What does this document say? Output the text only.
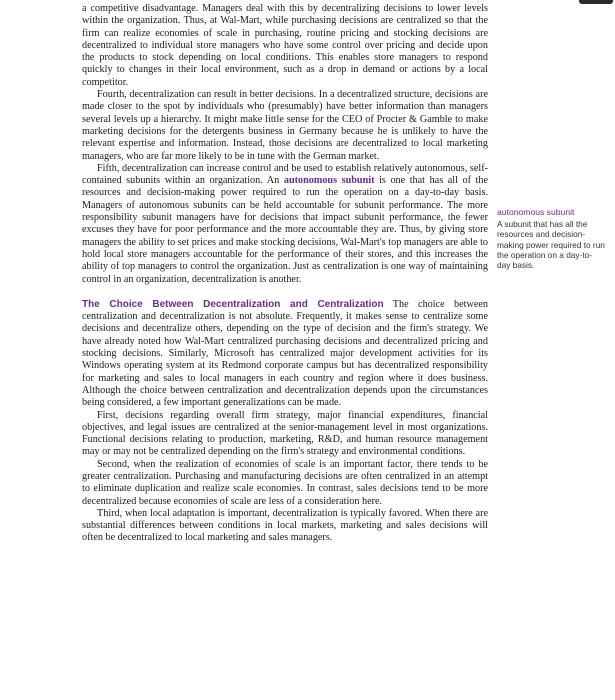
a competitive disadvantage. Managers deal with this by decentralizing decisions to lower levels within the organization. Thus, at Wal-Mart, while purchasing decisions are centralized so that the firm can realize economies of scale in purchasing, routine pricing and stocking decisions are decentralized to individual store managers who have some control over pricing and decide upon the products to stock depending on local conditions. This enables store managers to respond quickly to changes in their local environment, such as a drop in demand or actions by a local competitor.

Fourth, decentralization can result in better decisions. In a decentralized structure, decisions are made closer to the spot by individuals who (presumably) have better information than managers several levels up a hierarchy. It might make little sense for the CEO of Procter & Gamble to make marketing decisions for the detergents business in Germany because he is unlikely to have the relevant expertise and information. Instead, those decisions are decentralized to local marketing managers, who are far more likely to be in tune with the German market.

Fifth, decentralization can increase control and be used to establish relatively autonomous, self-contained subunits within an organization. An autonomous subunit is one that has all of the resources and decision-making power required to run the operation on a day-to-day basis. Managers of autonomous subunits can be held accountable for subunit performance. The more responsibility subunit managers have for decisions that impact subunit performance, the fewer excuses they have for poor performance and the more accountable they are. Thus, by giving store managers the ability to set prices and make stocking decisions, Wal-Mart's top managers are able to hold local store managers accountable for the performance of their stores, and this increases the ability of top managers to control the organization. Just as centralization is one way of maintaining control in an organization, decentralization is another.

The Choice Between Decentralization and Centralization The choice between centralization and decentralization is not absolute. Frequently, it makes sense to centralize some decisions and decentralize others, depending on the type of decision and the firm's strategy. We have already noted how Wal-Mart centralized purchasing decisions and decentralized pricing and stocking decisions. Similarly, Microsoft has centralized major development activities for its Windows operating system at its Redmond corporate campus but has decentralized responsibility for marketing and sales to local managers in each country and region where it does business. Although the choice between centralization and decentralization depends upon the circumstances being considered, a few important generalizations can be made.

First, decisions regarding overall firm strategy, major financial expenditures, financial objectives, and legal issues are centralized at the senior-management level in most organizations. Functional decisions relating to production, marketing, R&D, and human resource management may or may not be centralized depending on the firm's strategy and environmental conditions.

Second, when the realization of economies of scale is an important factor, there tends to be greater centralization. Purchasing and manufacturing decisions are often centralized in an attempt to eliminate duplication and realize scale economies. In contrast, sales decisions tend to be more decentralized because economies of scale are less of a consideration here.

Third, when local adaptation is important, decentralization is typically favored. When there are substantial differences between conditions in local markets, marketing and sales decisions will often be decentralized to local marketing and sales managers.

autonomous subunit
A subunit that has all the resources and decision-making power required to run the operation on a day-to-day basis.
